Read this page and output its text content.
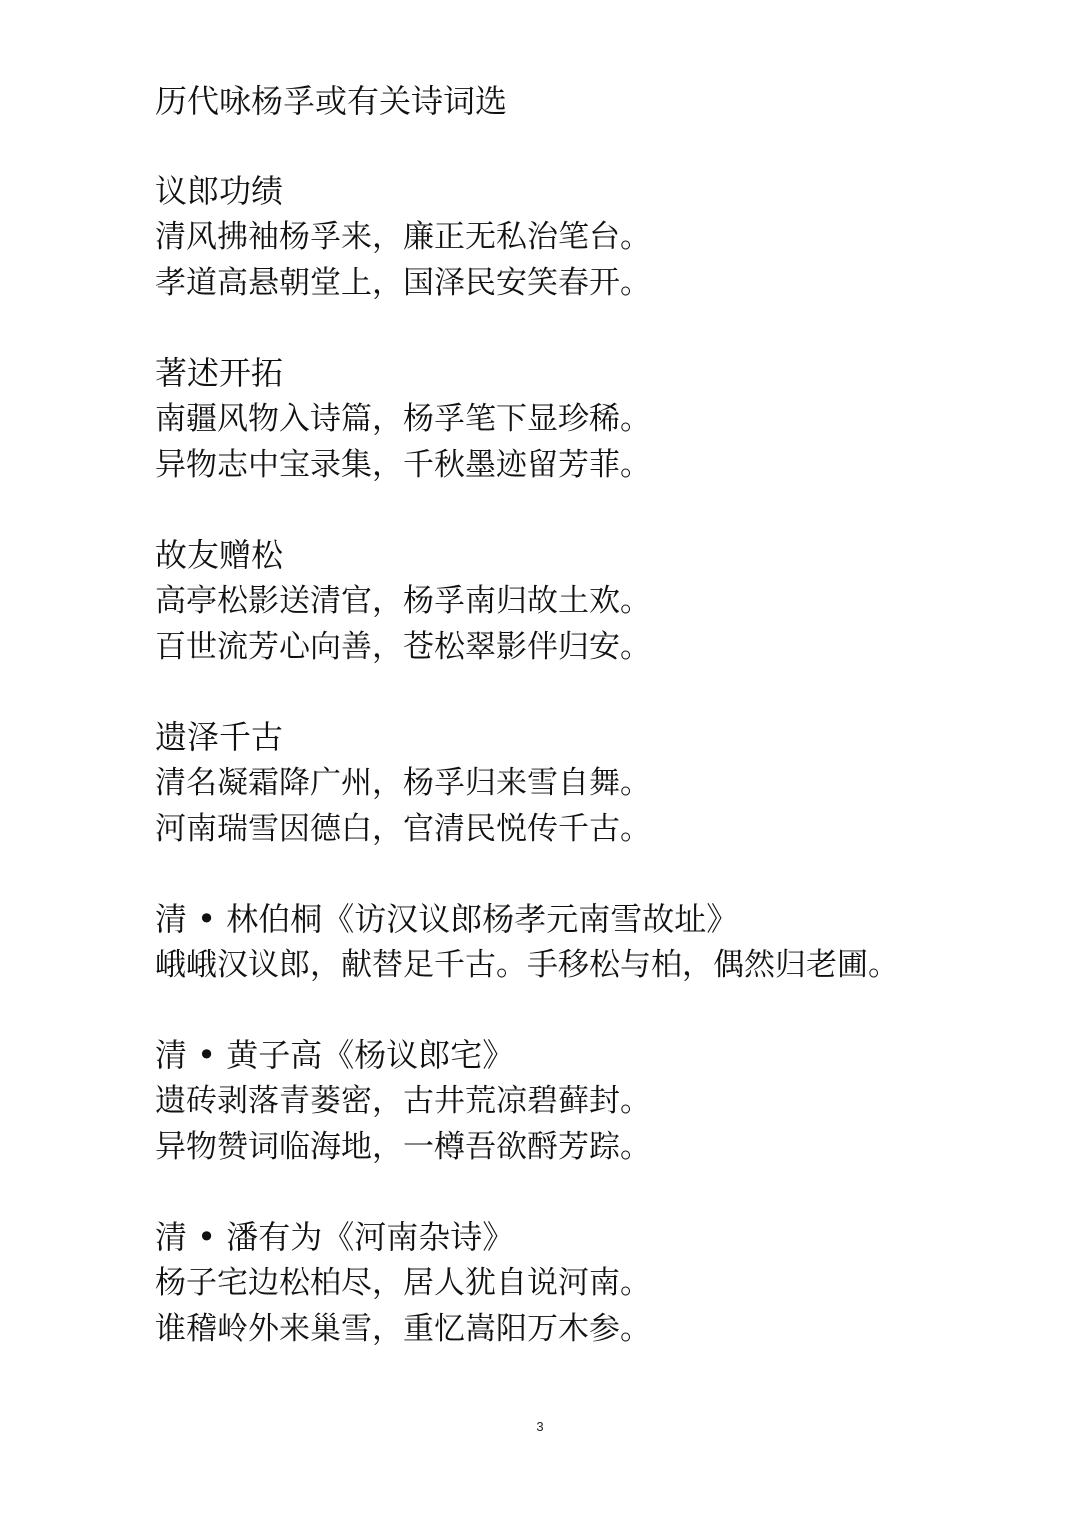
历代咏杨孚或有关诗词选
议郎功绩

清风拂袖杨孚来，廉正无私治笔台。

孝道高悬朝堂上，国泽民安笑春开。

著述开拓

南疆风物入诗篇，杨孚笔下显珍稀。

异物志中宝录集，千秋墨迹留芳菲。

故友赠松

高亭松影送清官，杨孚南归故土欢。

百世流芳心向善，苍松翠影伴归安。

遗泽千古

清名凝霜降广州，杨孚归来雪自舞。

河南瑞雪因德白，官清民悦传千古。

清 • 林伯桐《访汉议郎杨孝元南雪故址》

峨峨汉议郎，献替足千古。手移松与柏，偶然归老圃。

清 • 黄子高《杨议郎宅》

遗砖剥落青蒌密，古井荒凉碧藓封。

异物赞词临海地，一樽吾欲酹芳踪。

清 • 潘有为《河南杂诗》

杨子宅边松柏尽，居人犹自说河南。

谁稽岭外来巢雪，重忆嵩阳万木参。

3
